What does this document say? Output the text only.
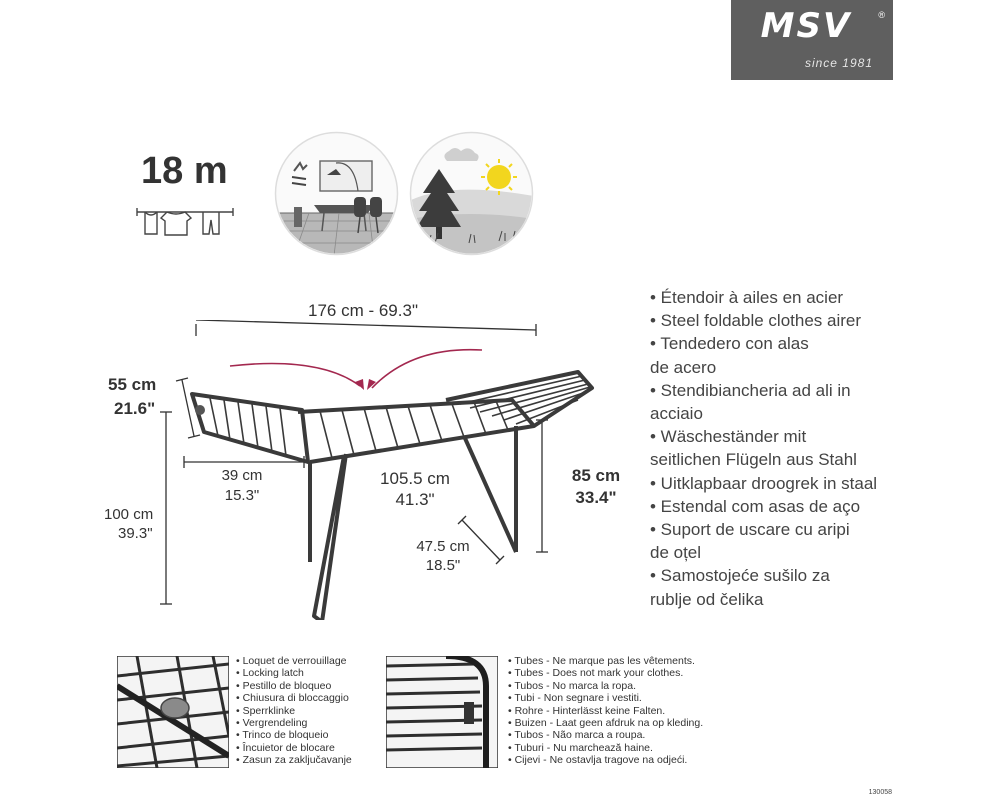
MSV	®
since 1981
18 m
176 cm - 69.3"
55 cm
21.6"
39 cm
15.3"
105.5 cm
41.3"
85 cm
33.4"
100 cm
39.3"
47.5 cm
18.5"
• Étendoir à ailes en acier
• Steel foldable clothes airer
• Tendedero con alas
de acero
• Stendibiancheria ad ali in
acciaio
• Wäscheständer mit
seitlichen Flügeln aus Stahl
• Uitklapbaar droogrek in staal
• Estendal com asas de aço
• Suport de uscare cu aripi
de oțel
• Samostojeće sušilo za
rublje od čelika
• Loquet de verrouillage
• Locking latch
• Pestillo de bloqueo
• Chiusura di bloccaggio
• Sperrklinke
• Vergrendeling
• Trinco de bloqueio
• Încuietor de blocare
• Zasun za zaključavanje
• Tubes - Ne marque pas les vêtements.
• Tubes - Does not mark your clothes.
• Tubos - No marca la ropa.
• Tubi - Non segnare i vestiti.
• Rohre - Hinterlässt keine Falten.
• Buizen - Laat geen afdruk na op kleding.
• Tubos - Não marca a roupa.
• Tuburi - Nu marchează haine.
• Cijevi - Ne ostavlja tragove na odjeći.
130058
